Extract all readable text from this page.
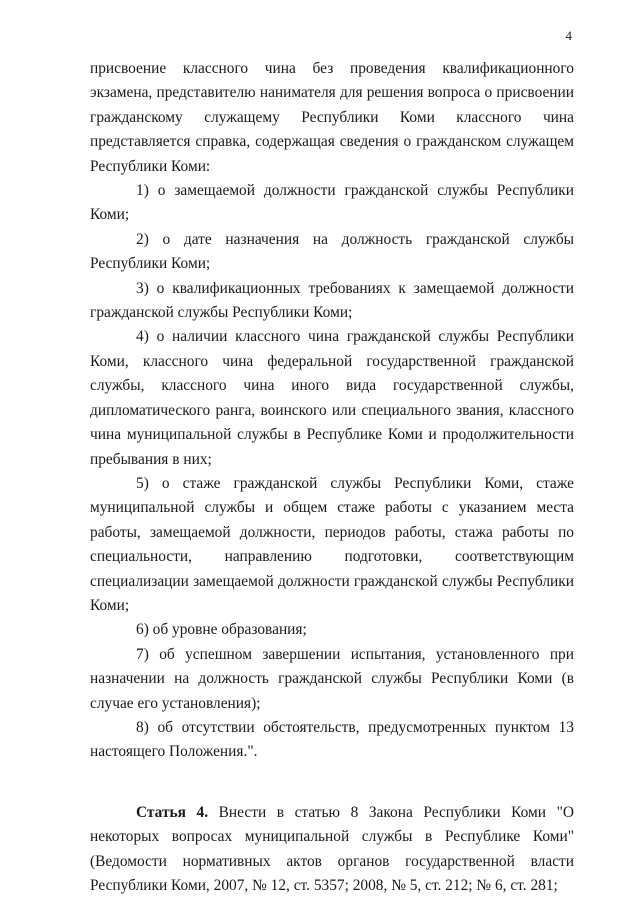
4

присвоение классного чина без проведения квалификационного экзамена, представителю нанимателя для решения вопроса о присвоении гражданскому служащему Республики Коми классного чина представляется справка, содержащая сведения о гражданском служащем Республики Коми:

1) о замещаемой должности гражданской службы Республики Коми;

2) о дате назначения на должность гражданской службы Республики Коми;

3) о квалификационных требованиях к замещаемой должности гражданской службы Республики Коми;

4) о наличии классного чина гражданской службы Республики Коми, классного чина федеральной государственной гражданской службы, классного чина иного вида государственной службы, дипломатического ранга, воинского или специального звания, классного чина муниципальной службы в Республике Коми и продолжительности пребывания в них;

5) о стаже гражданской службы Республики Коми, стаже муниципальной службы и общем стаже работы с указанием места работы, замещаемой должности, периодов работы, стажа работы по специальности, направлению подготовки, соответствующим специализации замещаемой должности гражданской службы Республики Коми;

6) об уровне образования;

7) об успешном завершении испытания, установленного при назначении на должность гражданской службы Республики Коми (в случае его установления);

8) об отсутствии обстоятельств, предусмотренных пунктом 13 настоящего Положения.".

Статья 4. Внести в статью 8 Закона Республики Коми "О некоторых вопросах муниципальной службы в Республике Коми" (Ведомости нормативных актов органов государственной власти Республики Коми, 2007, № 12, ст. 5357; 2008, № 5, ст. 212; № 6, ст. 281;
